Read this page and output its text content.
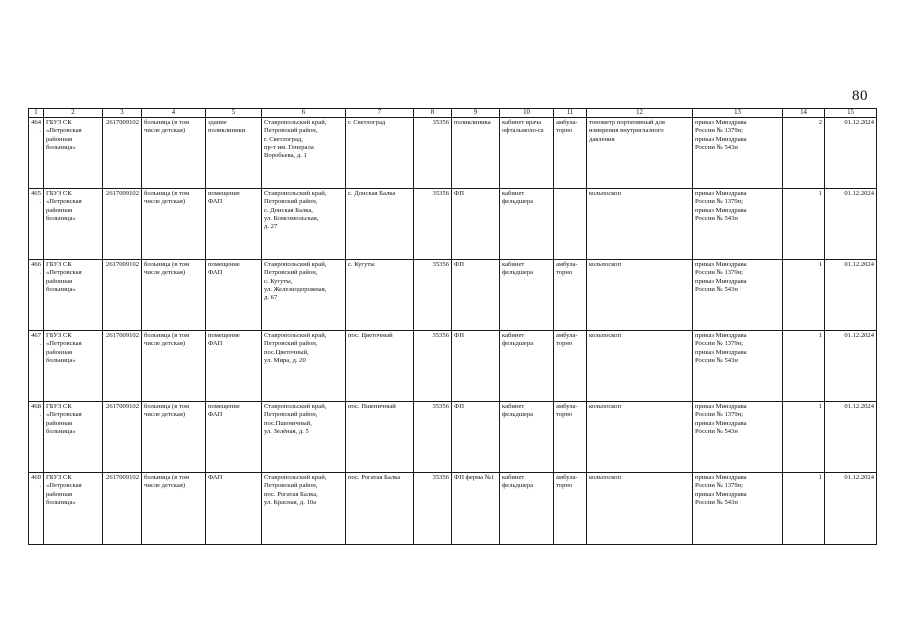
80
1	2	3	4	5	6	7	8	9	10	11	12	13	14	15
464.	ГБУЗ СК
«Петровская
районная
больница»	2617009102	больница (в том
числе детская)	здание
поликлиники	Ставропольский край,
Петровский район,
г. Светлоград,
пр-т им. Генерала
Воробьева, д. 1	г. Светлоград	35356	поликлиника	кабинет врача
офтальмоло-га	амбула-
торно	тонометр портативный для
измерения внутриглазного
давления	приказ Минздрава
России № 1379н;
приказ Минздрава
России № 543н	2	01.12.2024
465.	ГБУЗ СК
«Петровская
районная
больница»	2617009102	больница (в том
числе детская)	помещение
ФАП	Ставропольский край,
Петровский район,
с. Донская Балка,
ул. Комсомольская,
д. 27	с. Донская Балка	35356	ФП	кабинет
фельдшера		кольпоскоп	приказ Минздрава
России № 1379н;
приказ Минздрава
России № 543н	1	01.12.2024
466.	ГБУЗ СК
«Петровская
районная
больница»	2617009102	больница (в том
числе детская)	помещение
ФАП	Ставропольский край,
Петровский район,
с. Кугуты,
ул. Железнодорожная,
д. 67	с. Кугуты	35356	ФП	кабинет
фельдшера	амбула-
торно	кольпоскоп	приказ Минздрава
России № 1379н;
приказ Минздрава
России № 543н	1	01.12.2024
467.	ГБУЗ СК
«Петровская
районная
больница»	2617009102	больница (в том
числе детская)	помещение
ФАП	Ставропольский край,
Петровский район,
пос.Цветочный,
ул. Мира, д. 20	пос. Цветочный	35356	ФП	кабинет
фельдшера	амбула-
торно	кольпоскоп	приказ Минздрава
России № 1379н;
приказ Минздрава
России № 543н	1	01.12.2024
468.	ГБУЗ СК
«Петровская
районная
больница»	2617009102	больница (в том
числе детская)	помещение
ФАП	Ставропольский край,
Петровский район,
пос.Пшеничный,
ул. Зелёная, д. 5	пос. Пшеничный	35356	ФП	кабинет
фельдшера	амбула-
торно	кольпоскоп	приказ Минздрава
России № 1379н;
приказ Минздрава
России № 543н	1	01.12.2024
469.	ГБУЗ СК
«Петровская
районная
больница»	2617009102	больница (в том
числе детская)	ФАП	Ставропольский край,
Петровский район,
пос. Рогатая Балка,
ул. Красная, д. 10а	пос. Рогатая Балка	35356	ФП ферма №1	кабинет
фельдшера	амбула-
торно	кольпоскоп	приказ Минздрава
России № 1379н;
приказ Минздрава
России № 543н	1	01.12.2024
